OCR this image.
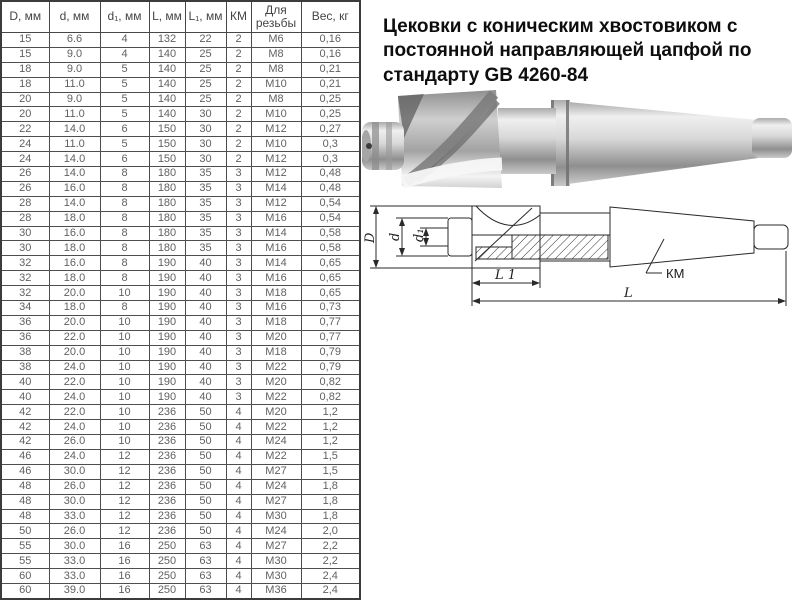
D, мм	d, мм	d₁, мм	L, мм	L₁, мм	КМ	Для резьбы	Вес, кг
15	6.6	4	132	22	2	M6	0,16
15	9.0	4	140	25	2	M8	0,16
18	9.0	5	140	25	2	M8	0,21
18	11.0	5	140	25	2	M10	0,21
20	9.0	5	140	25	2	M8	0,25
20	11.0	5	140	30	2	M10	0,25
22	14.0	6	150	30	2	M12	0,27
24	11.0	5	150	30	2	M10	0,3
24	14.0	6	150	30	2	M12	0,3
26	14.0	8	180	35	3	M12	0,48
26	16.0	8	180	35	3	M14	0,48
28	14.0	8	180	35	3	M12	0,54
28	18.0	8	180	35	3	M16	0,54
30	16.0	8	180	35	3	M14	0,58
30	18.0	8	180	35	3	M16	0,58
32	16.0	8	190	40	3	M14	0,65
32	18.0	8	190	40	3	M16	0,65
32	20.0	10	190	40	3	M18	0,65
34	18.0	8	190	40	3	M16	0,73
36	20.0	10	190	40	3	M18	0,77
36	22.0	10	190	40	3	M20	0,77
38	20.0	10	190	40	3	M18	0,79
38	24.0	10	190	40	3	M22	0,79
40	22.0	10	190	40	3	M20	0,82
40	24.0	10	190	40	3	M22	0,82
42	22.0	10	236	50	4	M20	1,2
42	24.0	10	236	50	4	M22	1,2
42	26.0	10	236	50	4	M24	1,2
46	24.0	12	236	50	4	M22	1,5
46	30.0	12	236	50	4	M27	1,5
48	26.0	12	236	50	4	M24	1,8
48	30.0	12	236	50	4	M27	1,8
48	33.0	12	236	50	4	M30	1,8
50	26.0	12	236	50	4	M24	2,0
55	30.0	16	250	63	4	M27	2,2
55	33.0	16	250	63	4	M30	2,2
60	33.0	16	250	63	4	M30	2,4
60	39.0	16	250	63	4	M36	2,4
Цековки с коническим хвостовиком с постоянной направляющей цапфой по стандарту GB 4260-84
D d d₁
L 1
L
КМ
